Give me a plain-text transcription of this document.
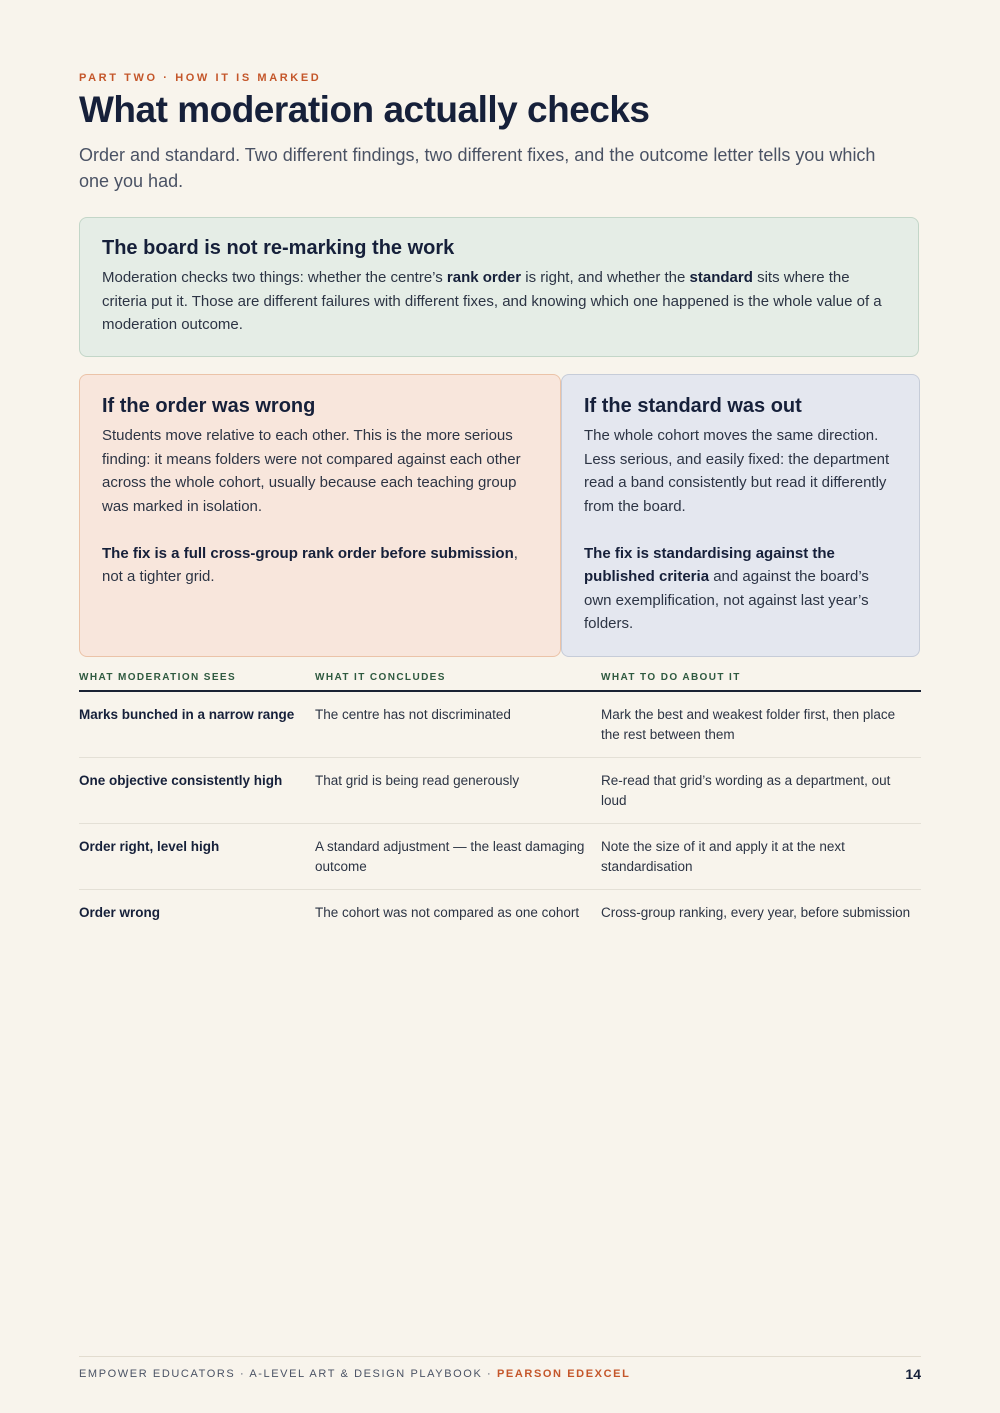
PART TWO · HOW IT IS MARKED
What moderation actually checks

Order and standard. Two different findings, two different fixes, and the outcome letter tells you which one you had.

The board is not re-marking the work

Moderation checks two things: whether the centre’s rank order is right, and whether the standard sits where the criteria put it. Those are different failures with different fixes, and knowing which one happened is the whole value of a moderation outcome.

If the order was wrong

Students move relative to each other. This is the more serious finding: it means folders were not compared against each other across the whole cohort, usually because each teaching group was marked in isolation.

The fix is a full cross-group rank order before submission, not a tighter grid.

If the standard was out

The whole cohort moves the same direction. Less serious, and easily fixed: the department read a band consistently but read it differently from the board.

The fix is standardising against the published criteria and against the board’s own exemplification, not against last year’s folders.

WHAT MODERATION SEES	WHAT IT CONCLUDES	WHAT TO DO ABOUT IT
Marks bunched in a narrow range	The centre has not discriminated	Mark the best and weakest folder first, then place the rest between them
One objective consistently high	That grid is being read generously	Re-read that grid’s wording as a department, out loud
Order right, level high	A standard adjustment — the least damaging outcome	Note the size of it and apply it at the next standardisation
Order wrong	The cohort was not compared as one cohort	Cross-group ranking, every year, before submission
EMPOWER EDUCATORS · A-LEVEL ART & DESIGN PLAYBOOK · PEARSON EDEXCEL	14
